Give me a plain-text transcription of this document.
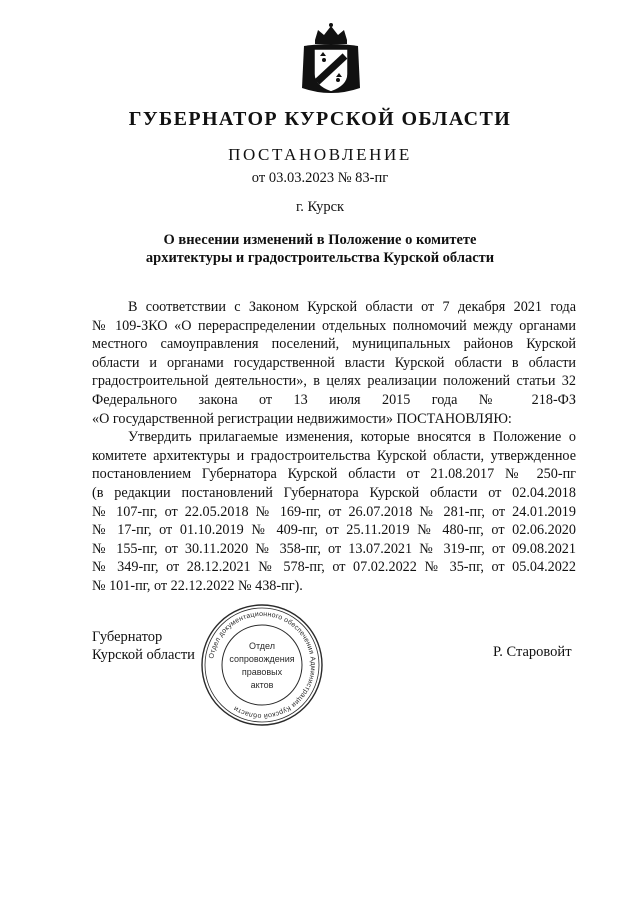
ГУБЕРНАТОР КУРСКОЙ ОБЛАСТИ
ПОСТАНОВЛЕНИЕ
от 03.03.2023 № 83-пг
г. Курск
О внесении изменений в Положение о комитете
архитектуры и градостроительства Курской области
В соответствии с Законом Курской области от 7 декабря 2021 года
№ 109-ЗКО «О перераспределении отдельных полномочий между органами
местного самоуправления поселений, муниципальных районов Курской
области и органами государственной власти Курской области в области
градостроительной деятельности», в целях реализации положений статьи 32
Федерального закона от 13 июля 2015 года № 218-ФЗ
«О государственной регистрации недвижимости» ПОСТАНОВЛЯЮ:
Утвердить прилагаемые изменения, которые вносятся в Положение о
комитете архитектуры и градостроительства Курской области, утвержденное
постановлением Губернатора Курской области от 21.08.2017 № 250-пг
(в редакции постановлений Губернатора Курской области от 02.04.2018
№ 107-пг, от 22.05.2018 № 169-пг, от 26.07.2018 № 281-пг, от 24.01.2019
№ 17-пг, от 01.10.2019 № 409-пг, от 25.11.2019 № 480-пг, от 02.06.2020
№ 155-пг, от 30.11.2020 № 358-пг, от 13.07.2021 № 319-пг, от 09.08.2021
№ 349-пг, от 28.12.2021 № 578-пг, от 07.02.2022 № 35-пг, от 05.04.2022
№ 101-пг, от 22.12.2022 № 438-пг).
Губернатор
Курской области	Р. Старовойт
Отдел документационного обеспечения Администрации Курской области
Отдел
сопровождения
правовых
актов
